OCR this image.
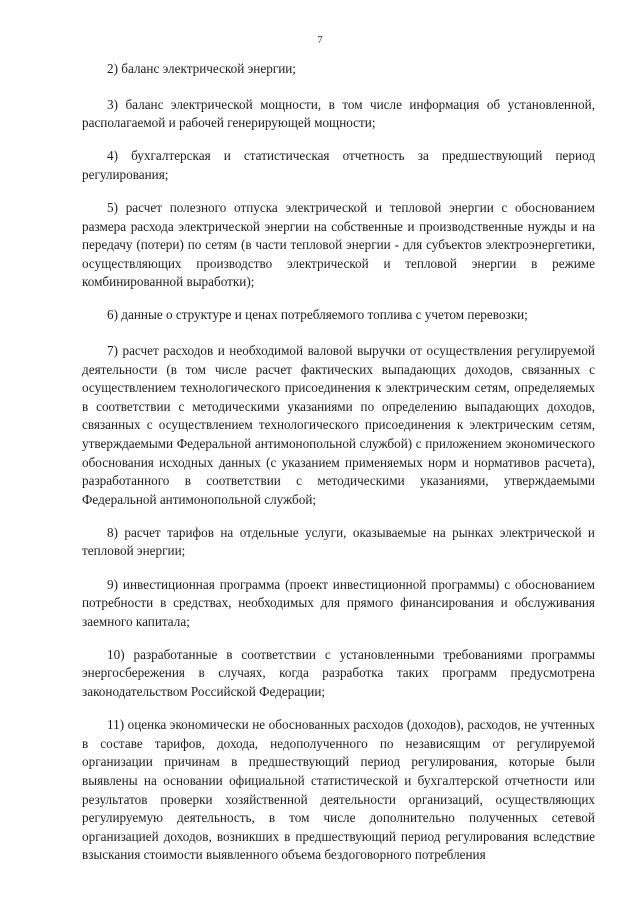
7

2) баланс электрической энергии;

3) баланс электрической мощности, в том числе информация об установленной, располагаемой и рабочей генерирующей мощности;

4) бухгалтерская и статистическая отчетность за предшествующий период регулирования;

5) расчет полезного отпуска электрической и тепловой энергии с обоснованием размера расхода электрической энергии на собственные и производственные нужды и на передачу (потери) по сетям (в части тепловой энергии - для субъектов электроэнергетики, осуществляющих производство электрической и тепловой энергии в режиме комбинированной выработки);

6) данные о структуре и ценах потребляемого топлива с учетом перевозки;

7) расчет расходов и необходимой валовой выручки от осуществления регулируемой деятельности (в том числе расчет фактических выпадающих доходов, связанных с осуществлением технологического присоединения к электрическим сетям, определяемых в соответствии с методическими указаниями по определению выпадающих доходов, связанных с осуществлением технологического присоединения к электрическим сетям, утверждаемыми Федеральной антимонопольной службой) с приложением экономического обоснования исходных данных (с указанием применяемых норм и нормативов расчета), разработанного в соответствии с методическими указаниями, утверждаемыми Федеральной антимонопольной службой;

8) расчет тарифов на отдельные услуги, оказываемые на рынках электрической и тепловой энергии;

9) инвестиционная программа (проект инвестиционной программы) с обоснованием потребности в средствах, необходимых для прямого финансирования и обслуживания заемного капитала;

10) разработанные в соответствии с установленными требованиями программы энергосбережения в случаях, когда разработка таких программ предусмотрена законодательством Российской Федерации;

11) оценка экономически не обоснованных расходов (доходов), расходов, не учтенных в составе тарифов, дохода, недополученного по независящим от регулируемой организации причинам в предшествующий период регулирования, которые были выявлены на основании официальной статистической и бухгалтерской отчетности или результатов проверки хозяйственной деятельности организаций, осуществляющих регулируемую деятельность, в том числе дополнительно полученных сетевой организацией доходов, возникших в предшествующий период регулирования вследствие взыскания стоимости выявленного объема бездоговорного потребления
